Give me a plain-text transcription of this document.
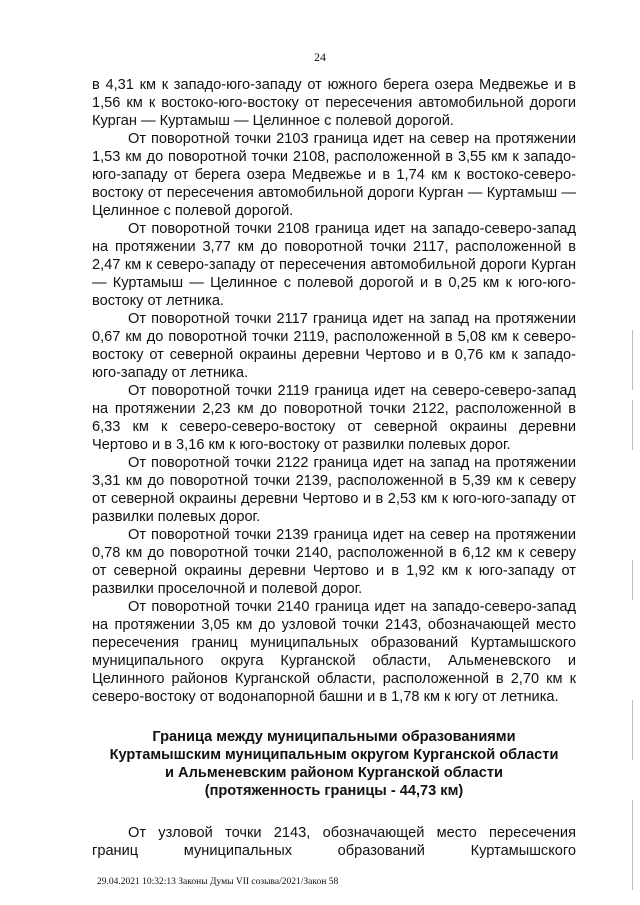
24

в 4,31 км к западо-юго-западу от южного берега озера Медвежье и в 1,56 км к востоко-юго-востоку от пересечения автомобильной дороги Курган — Куртамыш — Целинное с полевой дорогой.

От поворотной точки 2103 граница идет на север на протяжении 1,53 км до поворотной точки 2108, расположенной в 3,55 км к западо-юго-западу от берега озера Медвежье и в 1,74 км к востоко-северо-востоку от пересечения автомобильной дороги Курган — Куртамыш — Целинное с полевой дорогой.

От поворотной точки 2108 граница идет на западо-северо-запад на протяжении 3,77 км до поворотной точки 2117, расположенной в 2,47 км к северо-западу от пересечения автомобильной дороги Курган — Куртамыш — Целинное с полевой дорогой и в 0,25 км к юго-юго-востоку от летника.

От поворотной точки 2117 граница идет на запад на протяжении 0,67 км до поворотной точки 2119, расположенной в 5,08 км к северо-востоку от северной окраины деревни Чертово и в 0,76 км к западо-юго-западу от летника.

От поворотной точки 2119 граница идет на северо-северо-запад на протяжении 2,23 км до поворотной точки 2122, расположенной в 6,33 км к северо-северо-востоку от северной окраины деревни Чертово и в 3,16 км к юго-востоку от развилки полевых дорог.

От поворотной точки 2122 граница идет на запад на протяжении 3,31 км до поворотной точки 2139, расположенной в 5,39 км к северу от северной окраины деревни Чертово и в 2,53 км к юго-юго-западу от развилки полевых дорог.

От поворотной точки 2139 граница идет на север на протяжении 0,78 км до поворотной точки 2140, расположенной в 6,12 км к северу от северной окраины деревни Чертово и в 1,92 км к юго-западу от развилки проселочной и полевой дорог.

От поворотной точки 2140 граница идет на западо-северо-запад на протяжении 3,05 км до узловой точки 2143, обозначающей место пересечения границ муниципальных образований Куртамышского муниципального округа Курганской области, Альменевского и Целинного районов Курганской области, расположенной в 2,70 км к северо-востоку от водонапорной башни и в 1,78 км к югу от летника.

Граница между муниципальными образованиями
Куртамышским муниципальным округом Курганской области
и Альменевским районом Курганской области
(протяженность границы - 44,73 км)

От узловой точки 2143, обозначающей место пересечения границ муниципальных образований Куртамышского

29.04.2021 10:32:13 Законы Думы VII созыва/2021/Закон 58
